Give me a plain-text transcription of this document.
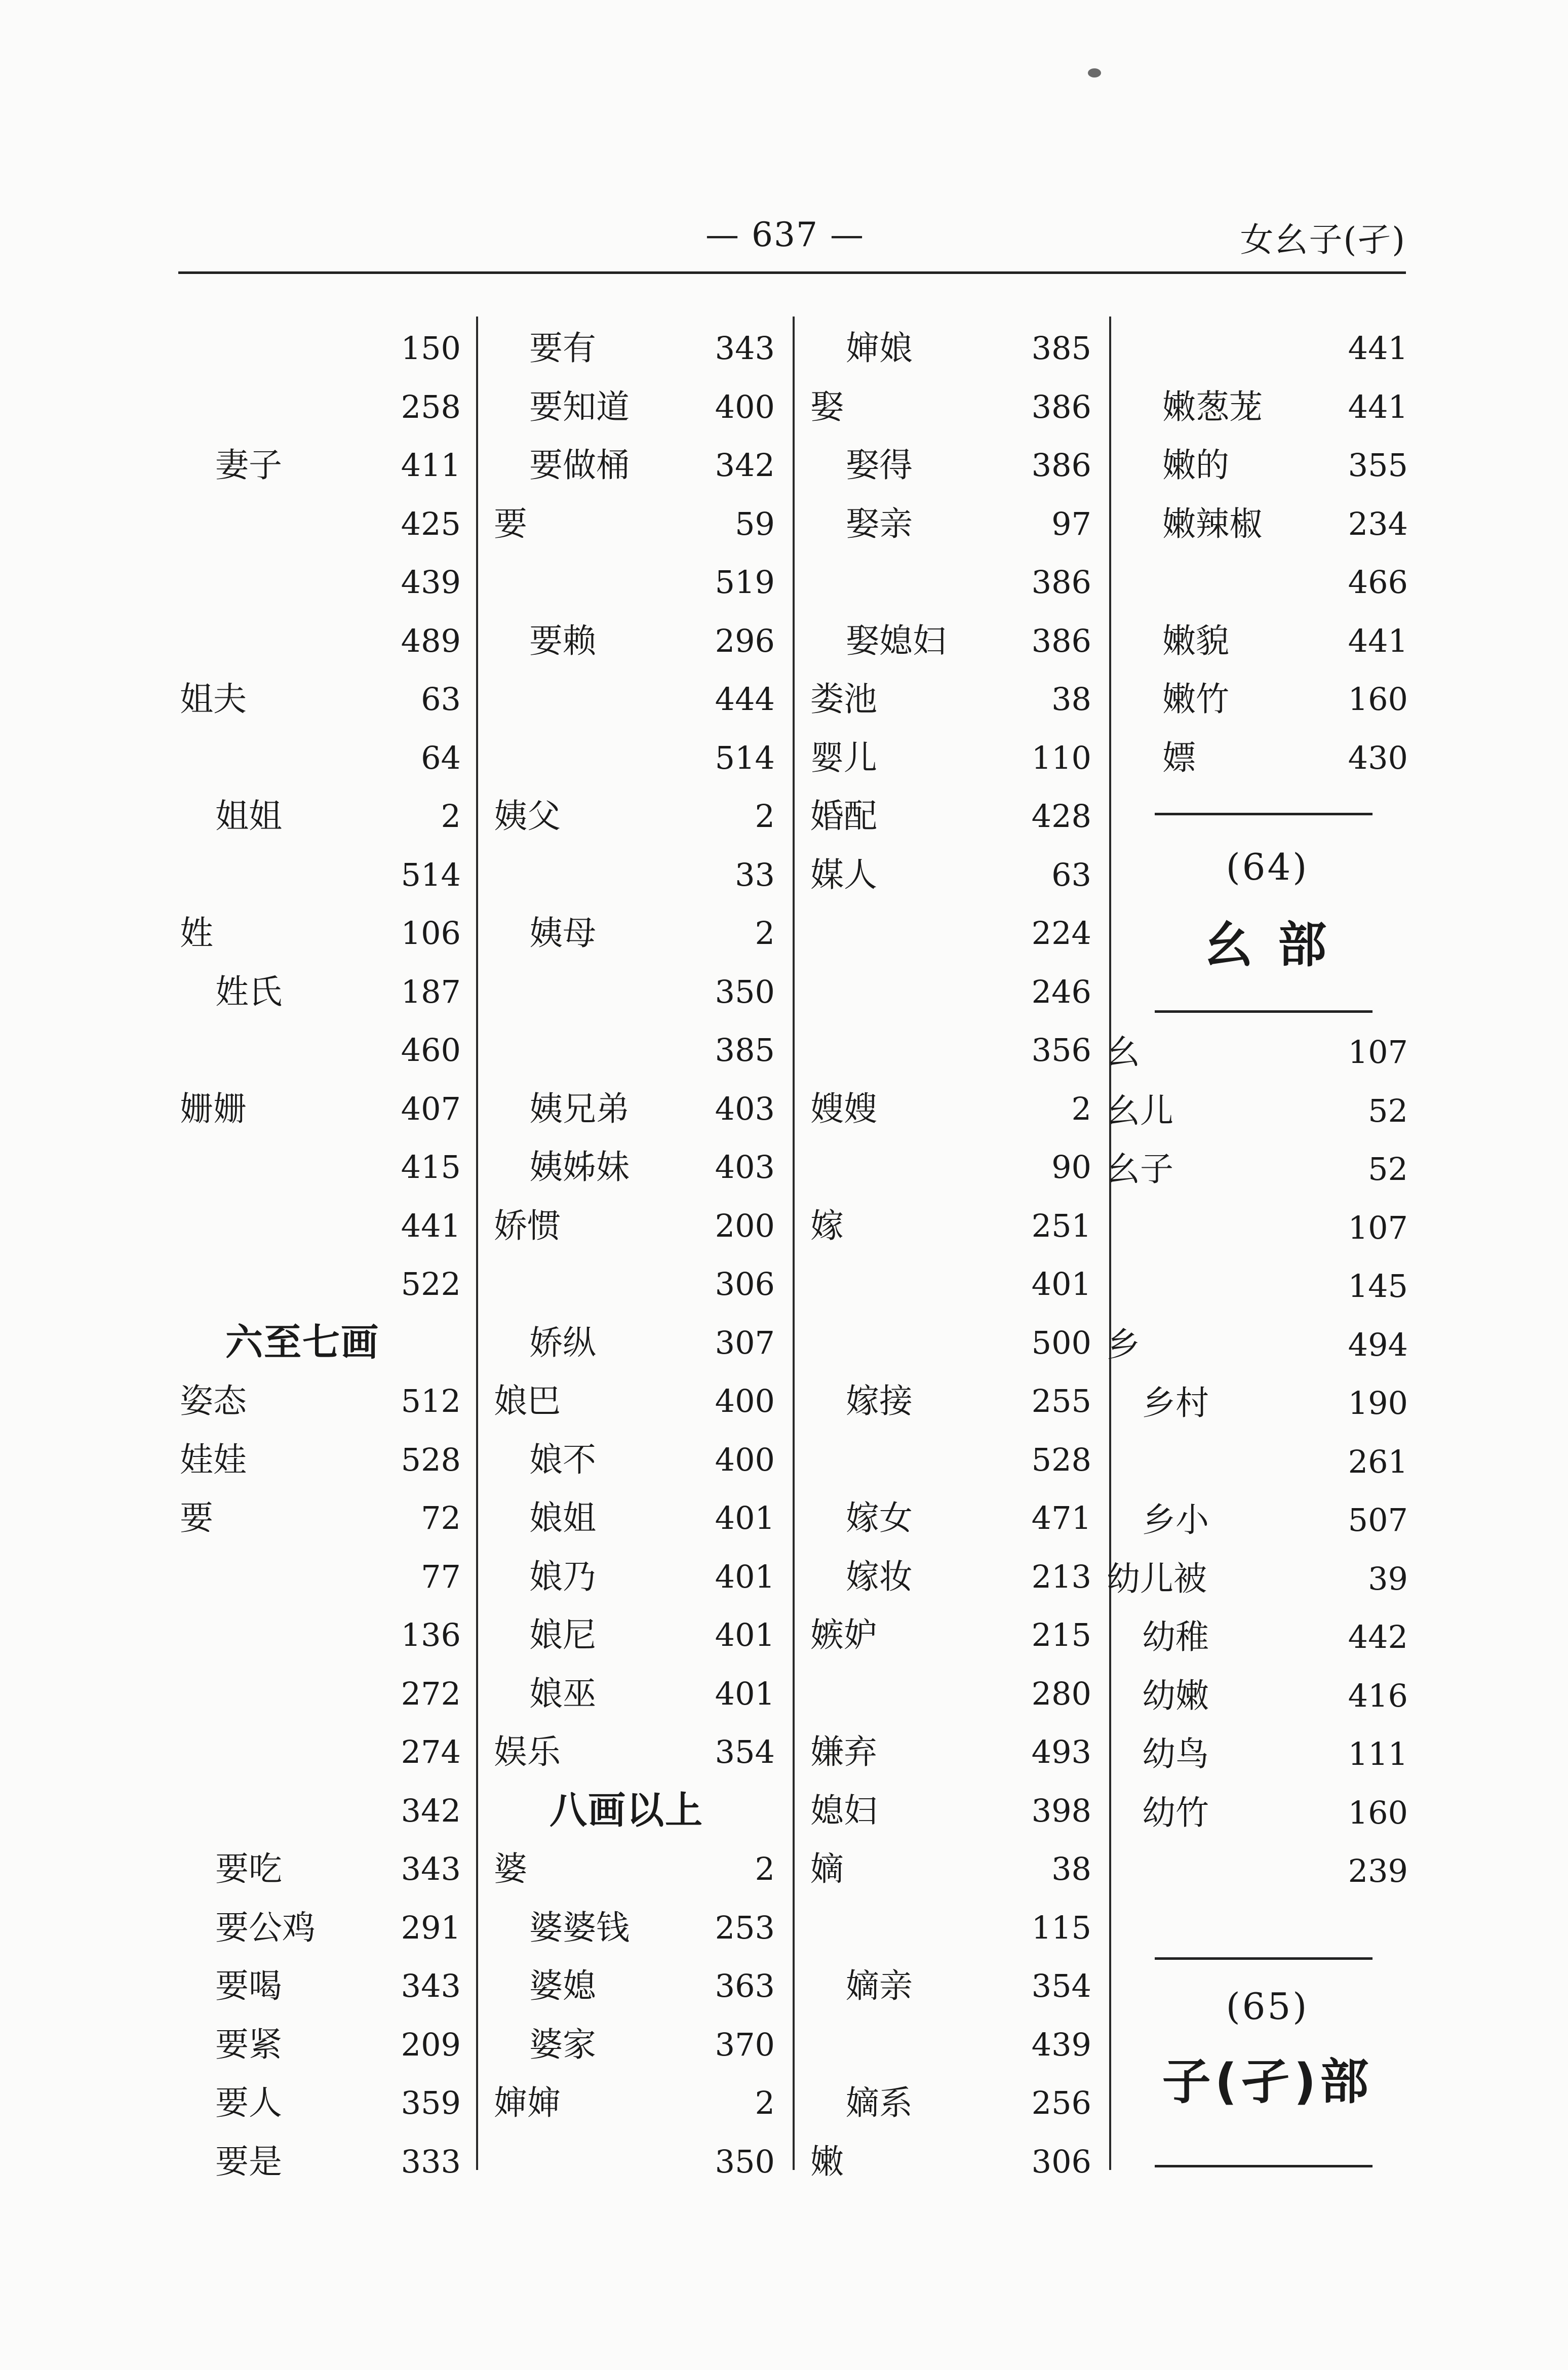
— 637 —	女幺子(孑)
150
258
妻子	411
425
439
489
姐夫	63
64
姐姐	2
514
姓	106
姓氏	187
460
姗姗	407
415
441
522
六至七画
姿态	512
娃娃	528
要	72
77
136
272
274
342
要吃	343
要公鸡	291
要喝	343
要紧	209
要人	359
要是	333
要有	343
要知道	400
要做桶	342
要	59
519
要赖	296
444
514
姨父	2
33
姨母	2
350
385
姨兄弟	403
姨姊妹	403
娇惯	200
306
娇纵	307
娘巴	400
娘不	400
娘姐	401
娘乃	401
娘尼	401
娘巫	401
娱乐	354
八画以上
婆	2
婆婆钱	253
婆媳	363
婆家	370
婶婶	2
350
婶娘	385
娶	386
娶得	386
娶亲	97
386
娶媳妇	386
娄池	38
婴儿	110
婚配	428
媒人	63
224
246
356
嫂嫂	2
90
嫁	251
401
500
嫁接	255
528
嫁女	471
嫁妆	213
嫉妒	215
280
嫌弃	493
媳妇	398
嫡	38
115
嫡亲	354
439
嫡系	256
嫩	306
441
嫩葱茏	441
嫩的	355
嫩辣椒	234
466
嫩貌	441
嫩竹	160
嫖	430
(64)
幺 部
幺	107
幺儿	52
幺子	52
107
145
乡	494
乡村	190
261
乡小	507
幼儿被	39
幼稚	442
幼嫩	416
幼鸟	111
幼竹	160
239
(65)
子(孑)部
